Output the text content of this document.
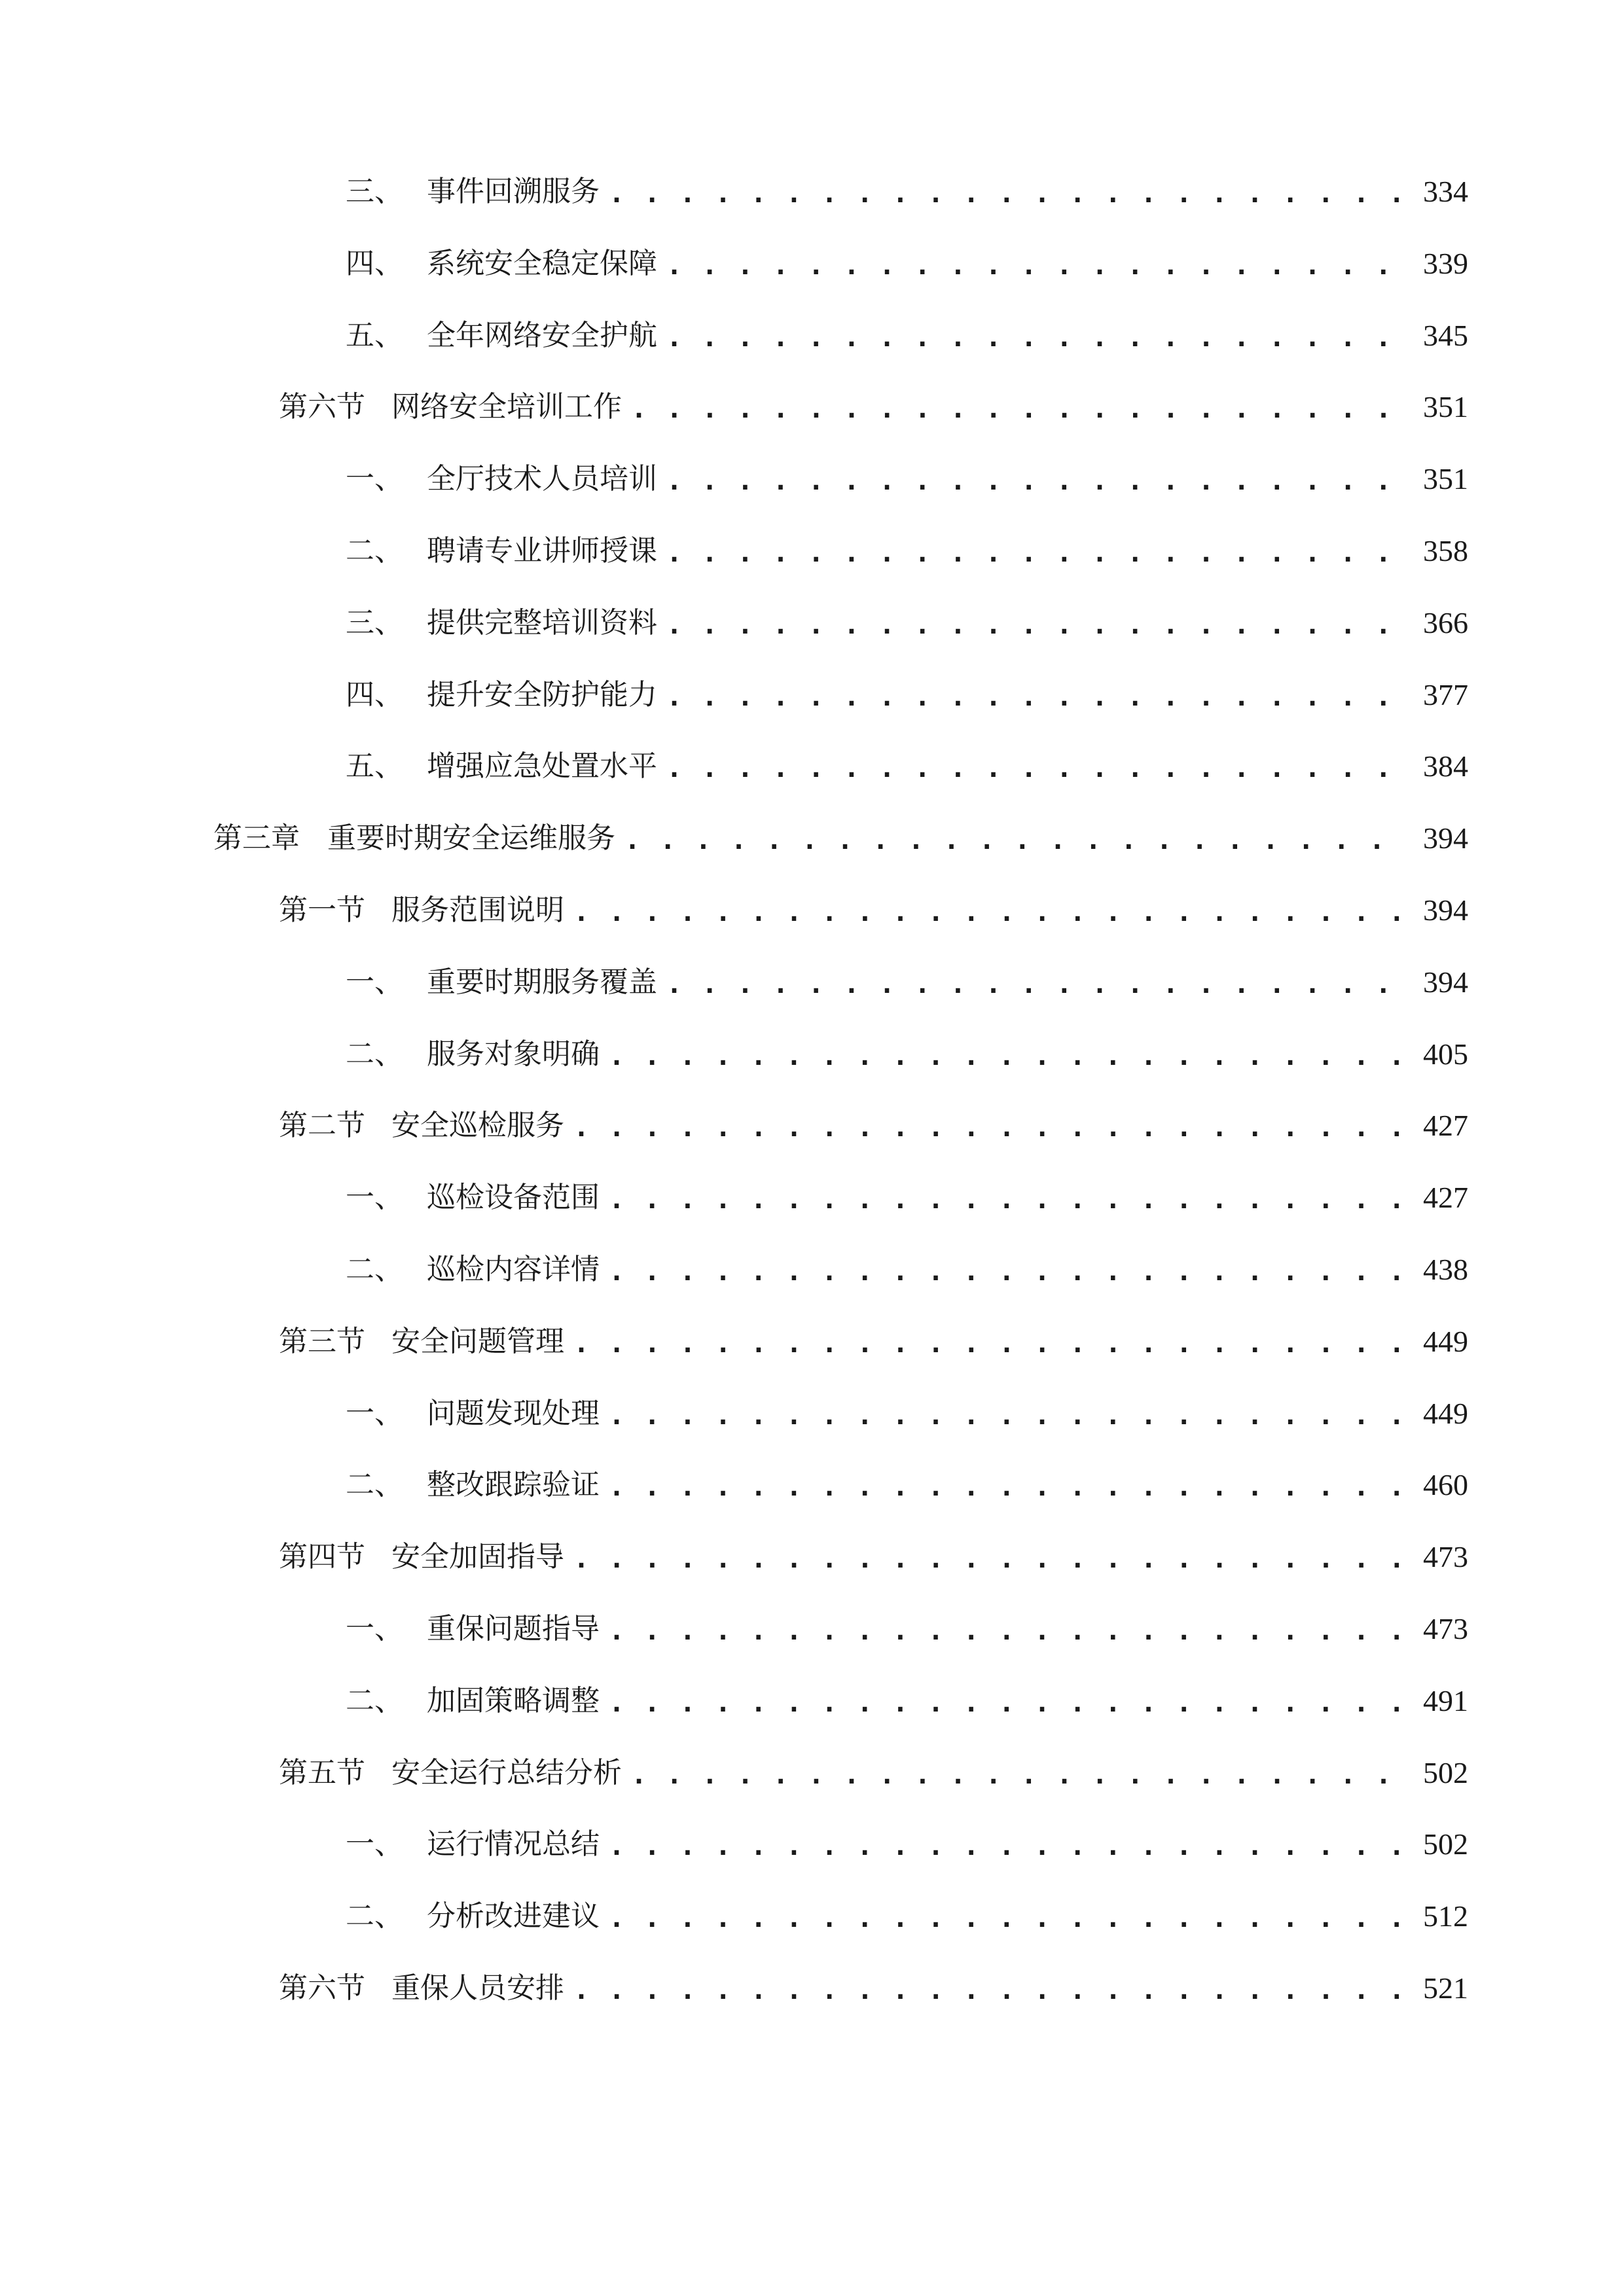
三、 事件回溯服务 . . .	334
四、 系统安全稳定保障 . . .	339
五、 全年网络安全护航 . . .	345
第六节 网络安全培训工作 . . .	351
一、 全厅技术人员培训 . . .	351
二、 聘请专业讲师授课 . . .	358
三、 提供完整培训资料 . . .	366
四、 提升安全防护能力 . . .	377
五、 增强应急处置水平 . . .	384
第三章 重要时期安全运维服务 . . .	394
第一节 服务范围说明 . . .	394
一、 重要时期服务覆盖 . . .	394
二、 服务对象明确 . . .	405
第二节 安全巡检服务 . . .	427
一、 巡检设备范围 . . .	427
二、 巡检内容详情 . . .	438
第三节 安全问题管理 . . .	449
一、 问题发现处理 . . .	449
二、 整改跟踪验证 . . .	460
第四节 安全加固指导 . . .	473
一、 重保问题指导 . . .	473
二、 加固策略调整 . . .	491
第五节 安全运行总结分析 . . .	502
一、 运行情况总结 . . .	502
二、 分析改进建议 . . .	512
第六节 重保人员安排 . . .	521
